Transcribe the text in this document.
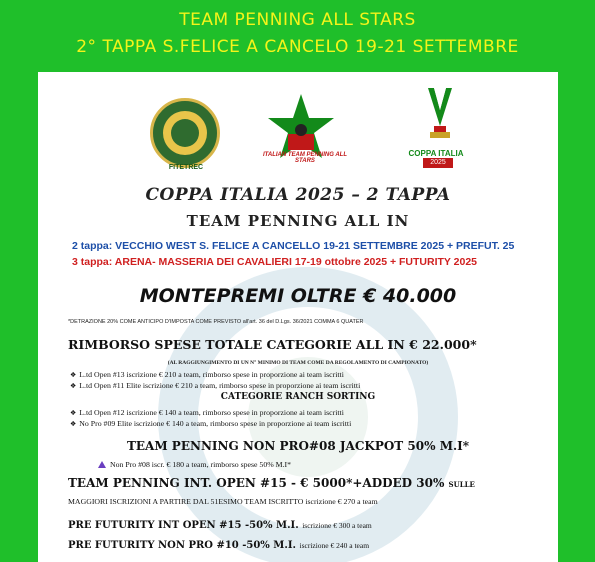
TEAM PENNING ALL STARS
2° TAPPA S.FELICE A CANCELO 19-21 SETTEMBRE
FITETREC
ITALIAN TEAM PENNING ALL STARS
COPPA ITALIA
2025
COPPA ITALIA 2025 – 2 TAPPA
TEAM PENNING ALL IN
2 tappa: VECCHIO WEST S. FELICE A CANCELLO 19-21 SETTEMBRE 2025 + PREFUT. 25
3 tappa: ARENA- MASSERIA DEI CAVALIERI 17-19 ottobre 2025 + FUTURITY 2025
MONTEPREMI OLTRE € 40.000
*DETRAZIONE 20% COME ANTICIPO D'IMPOSTA COME PREVISTO all'art. 36 del D.Lgs. 36/2021 COMMA 6 QUATER
RIMBORSO SPESE TOTALE CATEGORIE ALL IN € 22.000*
(AL RAGGIUNGIMENTO DI UN N° MINIMO DI TEAM COME DA REGOLAMENTO DI CAMPIONATO)
❖ L.td Open #13 iscrizione € 210 a team, rimborso spese in proporzione ai team iscritti
❖ L.td Open #11 Elite iscrizione € 210 a team, rimborso spese in proporzione ai team iscritti
CATEGORIE RANCH SORTING
❖ L.td Open #12 iscrizione € 140 a team, rimborso spese in proporzione ai team iscritti
❖ No Pro #09 Elite iscrizione € 140 a team, rimborso spese in proporzione ai team iscritti
TEAM PENNING NON PRO#08 JACKPOT 50% M.I*
Non Pro #08 iscr. € 180 a team, rimborso spese 50% M.I*
TEAM PENNING INT. OPEN #15 - € 5000*+ADDED 30% SULLE
MAGGIORI ISCRIZIONI A PARTIRE DAL 51ESIMO TEAM ISCRITTO iscrizione € 270 a team
PRE FUTURITY INT OPEN #15 -50% M.I. iscrizione € 300 a team
PRE FUTURITY NON PRO #10 -50% M.I. iscrizione € 240 a team
